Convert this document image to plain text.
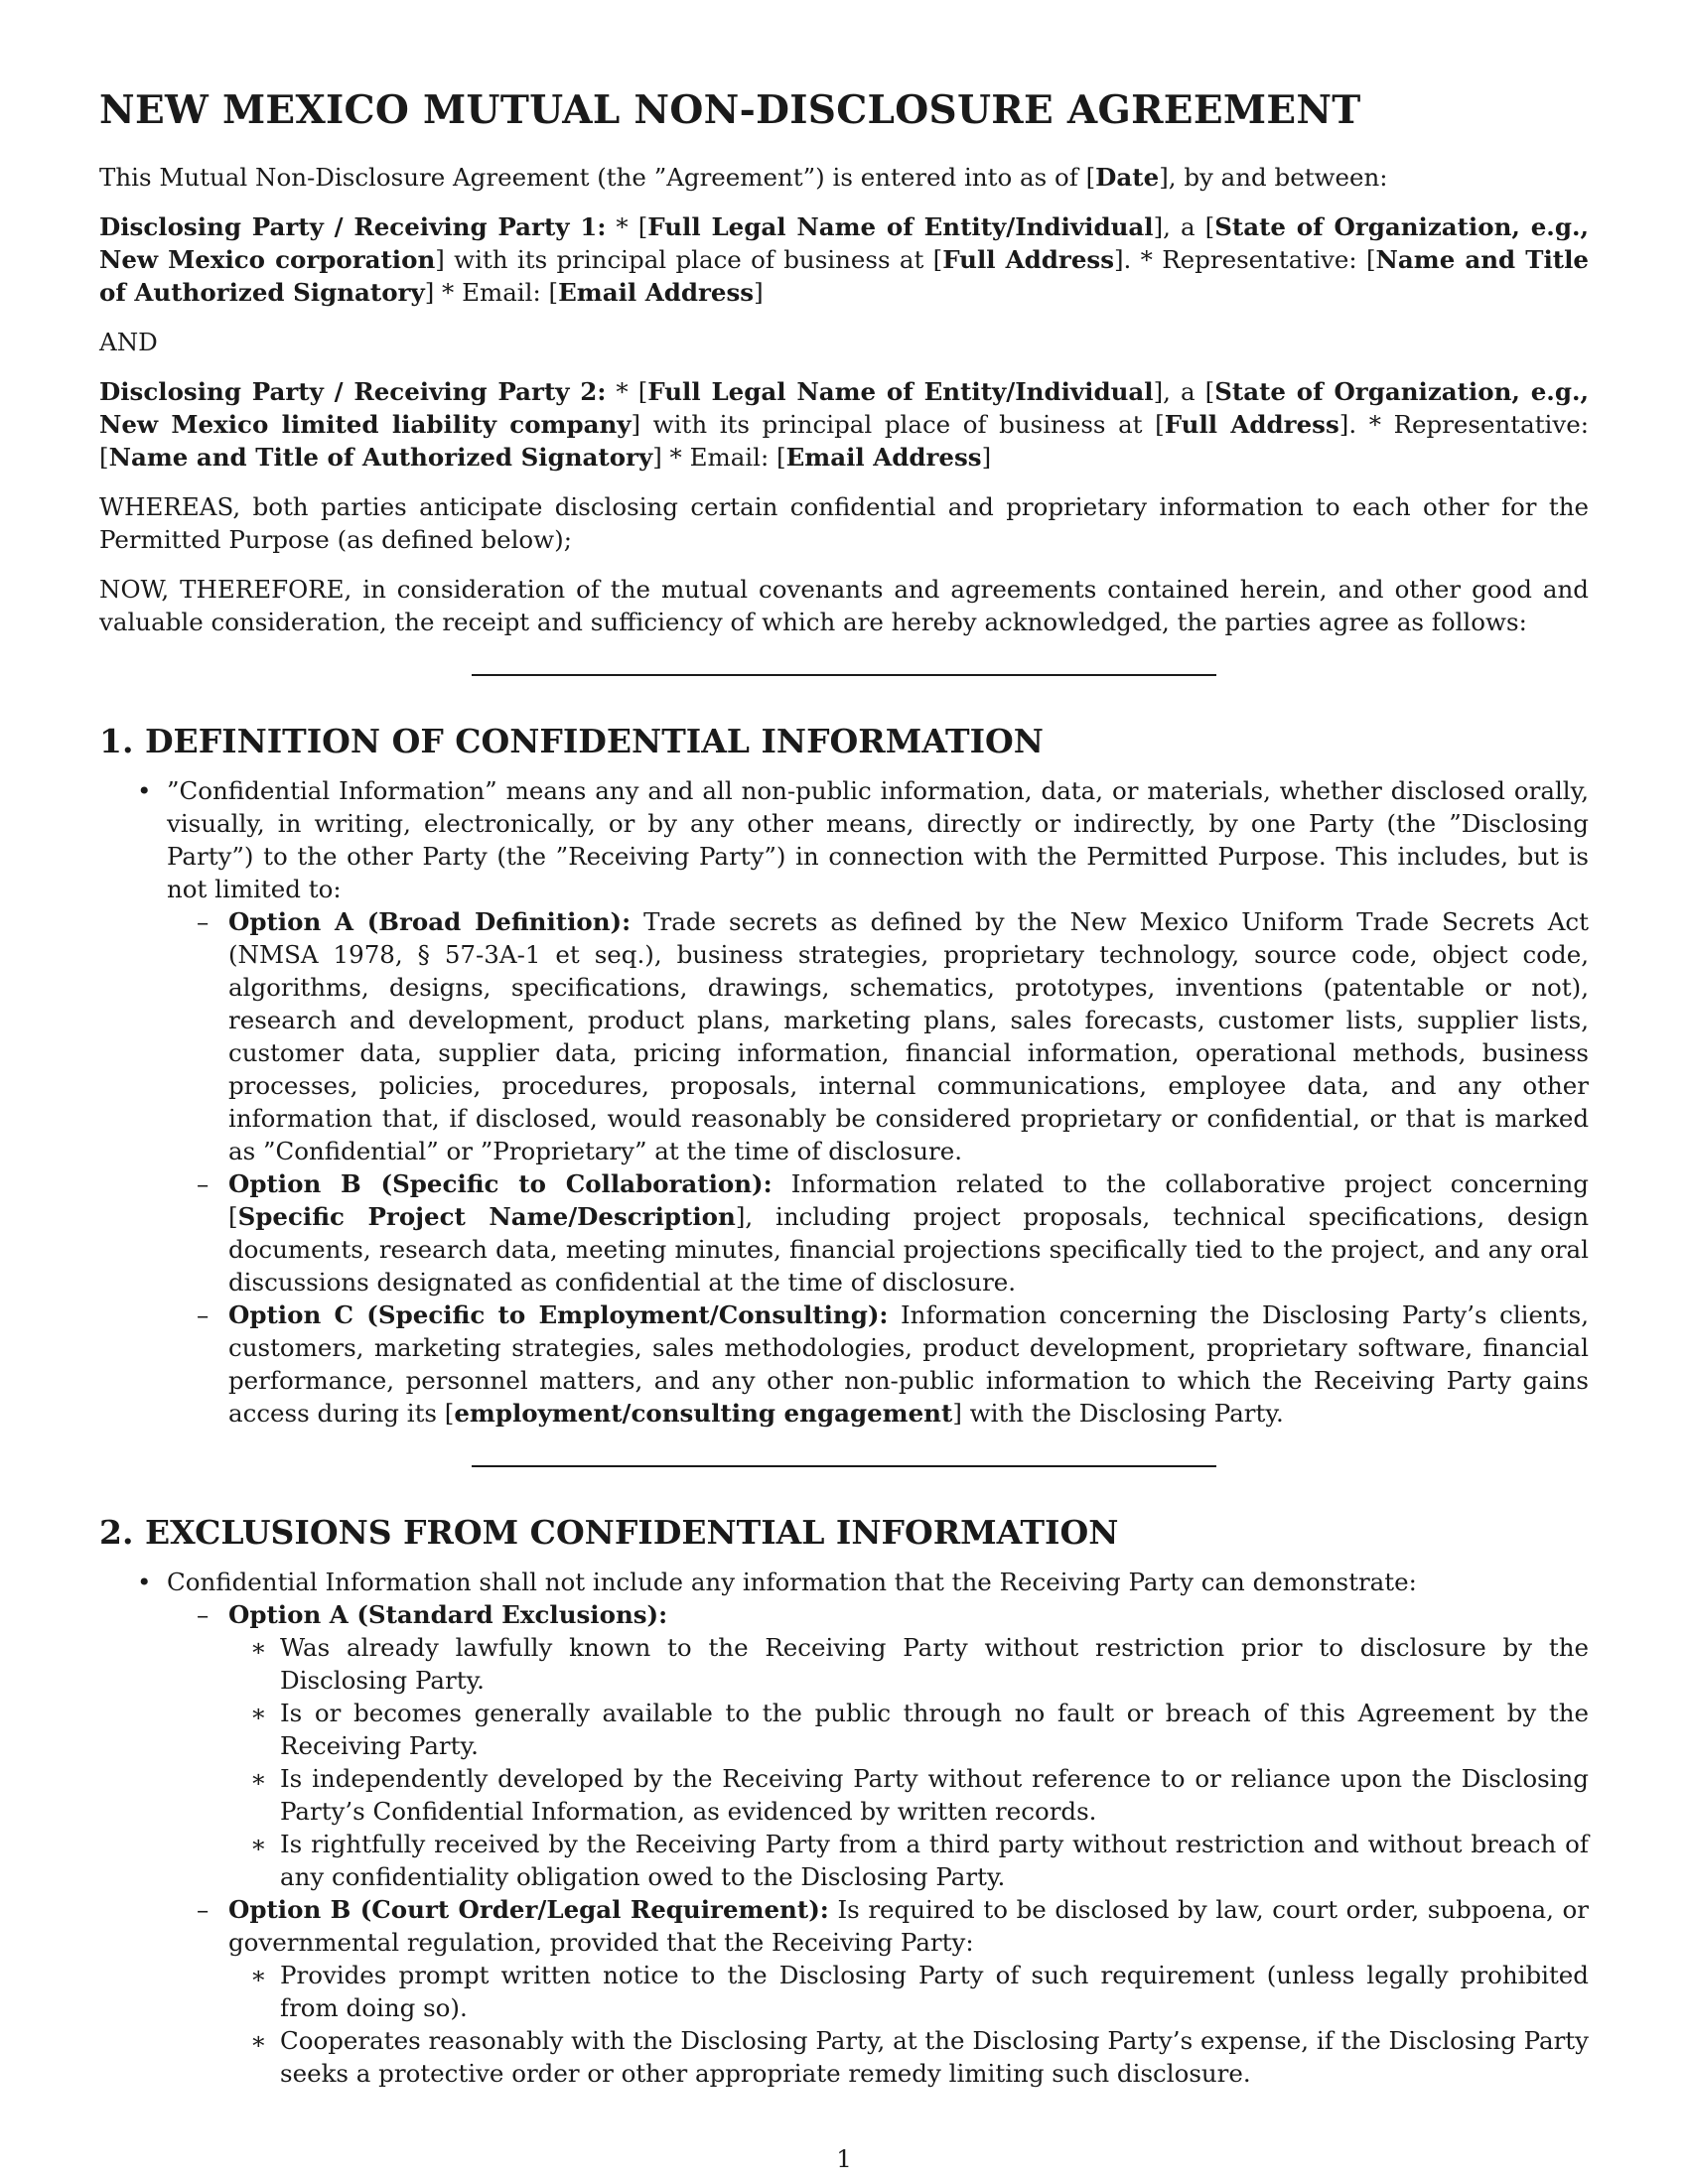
NEW MEXICO MUTUAL NON-DISCLOSURE AGREEMENT

This Mutual Non-Disclosure Agreement (the ”Agreement”) is entered into as of [Date], by and between:

Disclosing Party / Receiving Party 1: * [Full Legal Name of Entity/Individual], a [State of Organization, e.g., New Mexico corporation] with its principal place of business at [Full Address]. * Representative: [Name and Title of Authorized Signatory] * Email: [Email Address]

AND

Disclosing Party / Receiving Party 2: * [Full Legal Name of Entity/Individual], a [State of Organization, e.g., New Mexico limited liability company] with its principal place of business at [Full Address]. * Representative: [Name and Title of Authorized Signatory] * Email: [Email Address]

WHEREAS, both parties anticipate disclosing certain confidential and proprietary information to each other for the Permitted Purpose (as defined below);

NOW, THEREFORE, in consideration of the mutual covenants and agreements contained herein, and other good and valuable consideration, the receipt and sufficiency of which are hereby acknowledged, the parties agree as follows:

1. DEFINITION OF CONFIDENTIAL INFORMATION
• ”Confidential Information” means any and all non-public information, data, or materials, whether disclosed orally, visually, in writing, electronically, or by any other means, directly or indirectly, by one Party (the ”Disclosing Party”) to the other Party (the ”Receiving Party”) in connection with the Permitted Purpose. This includes, but is not limited to:
– Option A (Broad Definition): Trade secrets as defined by the New Mexico Uniform Trade Secrets Act (NMSA 1978, § 57-3A-1 et seq.), business strategies, proprietary technology, source code, object code, algorithms, designs, specifications, drawings, schematics, prototypes, inventions (patentable or not), research and development, product plans, marketing plans, sales forecasts, customer lists, supplier lists, customer data, supplier data, pricing information, financial information, operational methods, business processes, policies, procedures, proposals, internal communications, employee data, and any other information that, if disclosed, would reasonably be considered proprietary or confidential, or that is marked as ”Confidential” or ”Proprietary” at the time of disclosure.
– Option B (Specific to Collaboration): Information related to the collaborative project concerning [Specific Project Name/Description], including project proposals, technical specifications, design documents, research data, meeting minutes, financial projections specifically tied to the project, and any oral discussions designated as confidential at the time of disclosure.
– Option C (Specific to Employment/Consulting): Information concerning the Disclosing Party’s clients, customers, marketing strategies, sales methodologies, product development, proprietary software, financial performance, personnel matters, and any other non-public information to which the Receiving Party gains access during its [employment/consulting engagement] with the Disclosing Party.
2. EXCLUSIONS FROM CONFIDENTIAL INFORMATION
• Confidential Information shall not include any information that the Receiving Party can demonstrate:
– Option A (Standard Exclusions):
∗ Was already lawfully known to the Receiving Party without restriction prior to disclosure by the Disclosing Party.
∗ Is or becomes generally available to the public through no fault or breach of this Agreement by the Receiving Party.
∗ Is independently developed by the Receiving Party without reference to or reliance upon the Disclosing Party’s Confidential Information, as evidenced by written records.
∗ Is rightfully received by the Receiving Party from a third party without restriction and without breach of any confidentiality obligation owed to the Disclosing Party.
– Option B (Court Order/Legal Requirement): Is required to be disclosed by law, court order, subpoena, or governmental regulation, provided that the Receiving Party:
∗ Provides prompt written notice to the Disclosing Party of such requirement (unless legally prohibited from doing so).
∗ Cooperates reasonably with the Disclosing Party, at the Disclosing Party’s expense, if the Disclosing Party seeks a protective order or other appropriate remedy limiting such disclosure.
1
